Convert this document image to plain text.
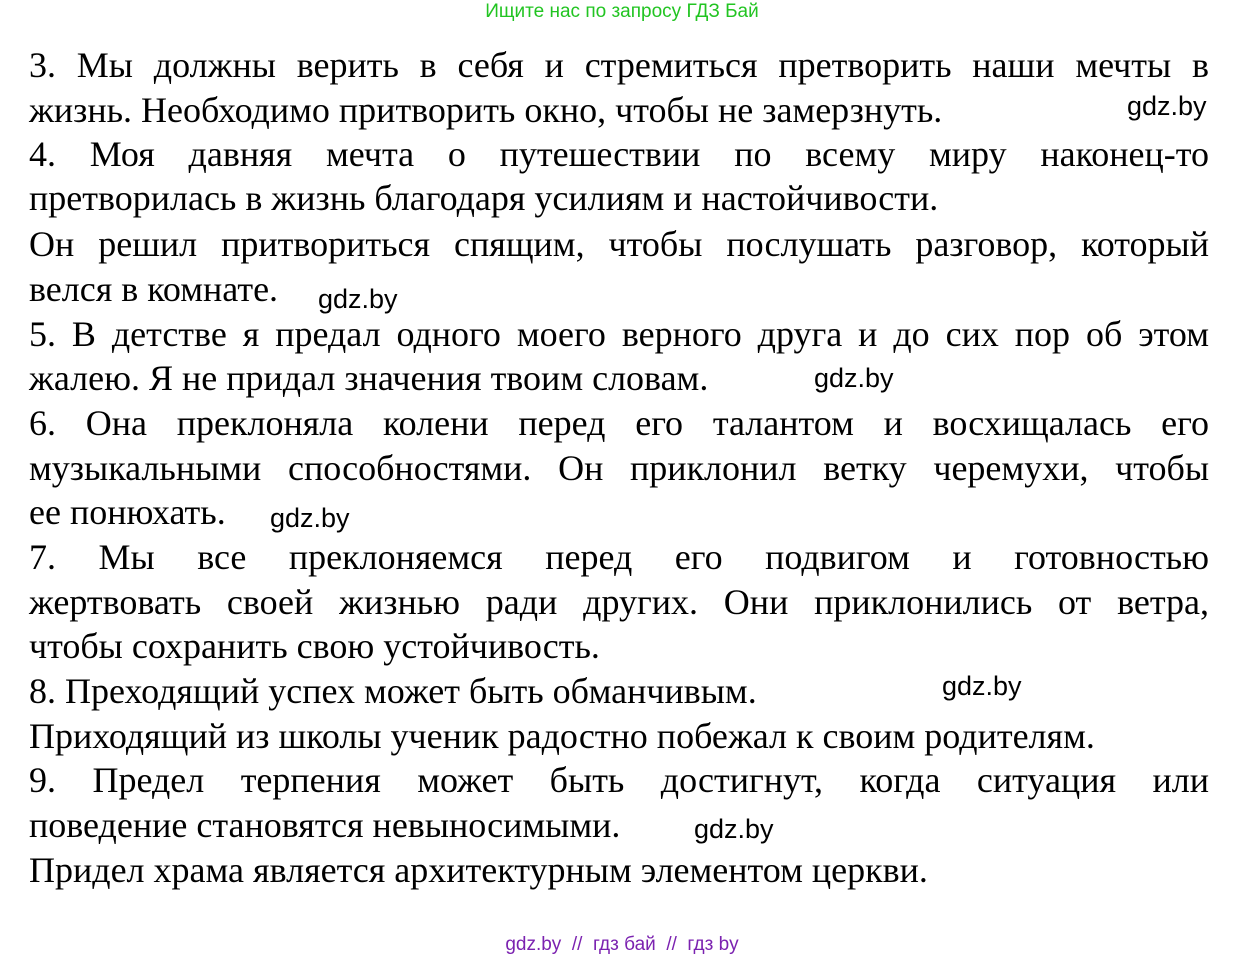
Ищите нас по запросу ГДЗ Бай
3. Мы должны верить в себя и стремиться претворить наши мечты в
жизнь. Необходимо притворить окно, чтобы не замерзнуть.
4. Моя давняя мечта о путешествии по всему миру наконец-то
претворилась в жизнь благодаря усилиям и настойчивости.
Он решил притвориться спящим, чтобы послушать разговор, который
велся в комнате.
5. В детстве я предал одного моего верного друга и до сих пор об этом
жалею. Я не придал значения твоим словам.
6. Она преклоняла колени перед его талантом и восхищалась его
музыкальными способностями. Он приклонил ветку черемухи, чтобы
ее понюхать.
7. Мы все преклоняемся перед его подвигом и готовностью
жертвовать своей жизнью ради других. Они приклонились от ветра,
чтобы сохранить свою устойчивость.
8. Преходящий успех может быть обманчивым.
Приходящий из школы ученик радостно побежал к своим родителям.
9. Предел терпения может быть достигнут, когда ситуация или
поведение становятся невыносимыми.
Придел храма является архитектурным элементом церкви.
gdz.by
gdz.by
gdz.by
gdz.by
gdz.by
gdz.by
gdz.by  //  гдз бай  //  гдз by
